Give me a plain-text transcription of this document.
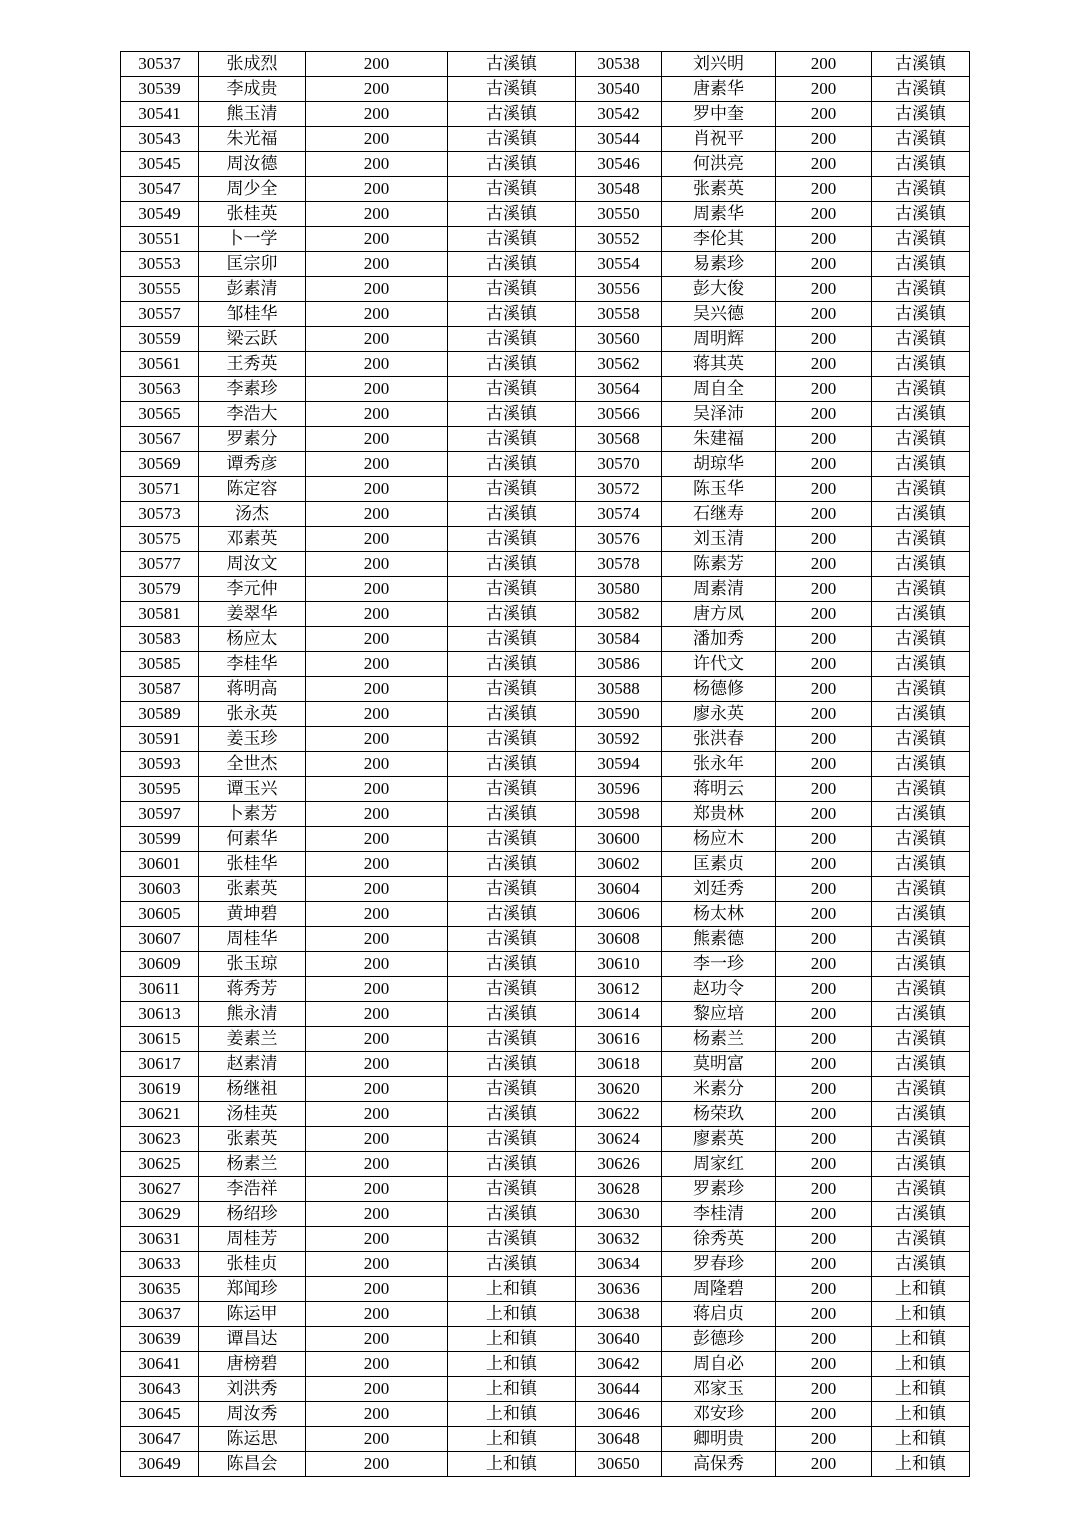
30537	张成烈	200	古溪镇	30538	刘兴明	200	古溪镇
30539	李成贵	200	古溪镇	30540	唐素华	200	古溪镇
30541	熊玉清	200	古溪镇	30542	罗中奎	200	古溪镇
30543	朱光福	200	古溪镇	30544	肖祝平	200	古溪镇
30545	周汝德	200	古溪镇	30546	何洪亮	200	古溪镇
30547	周少全	200	古溪镇	30548	张素英	200	古溪镇
30549	张桂英	200	古溪镇	30550	周素华	200	古溪镇
30551	卜一学	200	古溪镇	30552	李伦其	200	古溪镇
30553	匡宗卯	200	古溪镇	30554	易素珍	200	古溪镇
30555	彭素清	200	古溪镇	30556	彭大俊	200	古溪镇
30557	邹桂华	200	古溪镇	30558	吴兴德	200	古溪镇
30559	梁云跃	200	古溪镇	30560	周明辉	200	古溪镇
30561	王秀英	200	古溪镇	30562	蒋其英	200	古溪镇
30563	李素珍	200	古溪镇	30564	周自全	200	古溪镇
30565	李浩大	200	古溪镇	30566	吴泽沛	200	古溪镇
30567	罗素分	200	古溪镇	30568	朱建福	200	古溪镇
30569	谭秀彦	200	古溪镇	30570	胡琼华	200	古溪镇
30571	陈定容	200	古溪镇	30572	陈玉华	200	古溪镇
30573	汤杰	200	古溪镇	30574	石继寿	200	古溪镇
30575	邓素英	200	古溪镇	30576	刘玉清	200	古溪镇
30577	周汝文	200	古溪镇	30578	陈素芳	200	古溪镇
30579	李元仲	200	古溪镇	30580	周素清	200	古溪镇
30581	姜翠华	200	古溪镇	30582	唐方凤	200	古溪镇
30583	杨应太	200	古溪镇	30584	潘加秀	200	古溪镇
30585	李桂华	200	古溪镇	30586	许代文	200	古溪镇
30587	蒋明高	200	古溪镇	30588	杨德修	200	古溪镇
30589	张永英	200	古溪镇	30590	廖永英	200	古溪镇
30591	姜玉珍	200	古溪镇	30592	张洪春	200	古溪镇
30593	全世杰	200	古溪镇	30594	张永年	200	古溪镇
30595	谭玉兴	200	古溪镇	30596	蒋明云	200	古溪镇
30597	卜素芳	200	古溪镇	30598	郑贵林	200	古溪镇
30599	何素华	200	古溪镇	30600	杨应木	200	古溪镇
30601	张桂华	200	古溪镇	30602	匡素贞	200	古溪镇
30603	张素英	200	古溪镇	30604	刘廷秀	200	古溪镇
30605	黄坤碧	200	古溪镇	30606	杨太林	200	古溪镇
30607	周桂华	200	古溪镇	30608	熊素德	200	古溪镇
30609	张玉琼	200	古溪镇	30610	李一珍	200	古溪镇
30611	蒋秀芳	200	古溪镇	30612	赵功令	200	古溪镇
30613	熊永清	200	古溪镇	30614	黎应培	200	古溪镇
30615	姜素兰	200	古溪镇	30616	杨素兰	200	古溪镇
30617	赵素清	200	古溪镇	30618	莫明富	200	古溪镇
30619	杨继祖	200	古溪镇	30620	米素分	200	古溪镇
30621	汤桂英	200	古溪镇	30622	杨荣玖	200	古溪镇
30623	张素英	200	古溪镇	30624	廖素英	200	古溪镇
30625	杨素兰	200	古溪镇	30626	周家红	200	古溪镇
30627	李浩祥	200	古溪镇	30628	罗素珍	200	古溪镇
30629	杨绍珍	200	古溪镇	30630	李桂清	200	古溪镇
30631	周桂芳	200	古溪镇	30632	徐秀英	200	古溪镇
30633	张桂贞	200	古溪镇	30634	罗春珍	200	古溪镇
30635	郑闻珍	200	上和镇	30636	周隆碧	200	上和镇
30637	陈运甲	200	上和镇	30638	蒋启贞	200	上和镇
30639	谭昌达	200	上和镇	30640	彭德珍	200	上和镇
30641	唐榜碧	200	上和镇	30642	周自必	200	上和镇
30643	刘洪秀	200	上和镇	30644	邓家玉	200	上和镇
30645	周汝秀	200	上和镇	30646	邓安珍	200	上和镇
30647	陈运思	200	上和镇	30648	卿明贵	200	上和镇
30649	陈昌会	200	上和镇	30650	高保秀	200	上和镇
